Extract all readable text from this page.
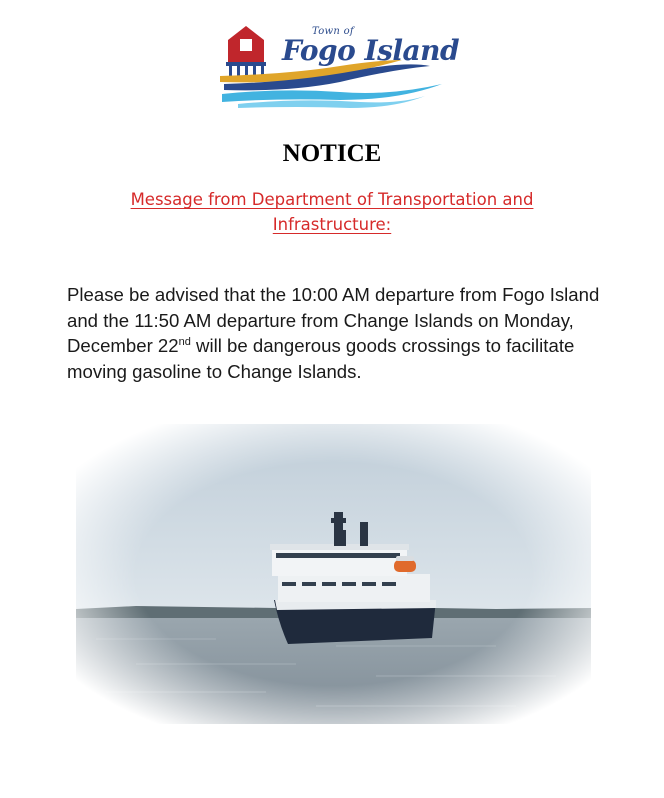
Town of
Fogo Island
NOTICE
Message from Department of Transportation and Infrastructure:
Please be advised that the 10:00 AM departure from Fogo Island and the 11:50 AM departure from Change Islands on Monday, December 22nd will be dangerous goods crossings to facilitate moving gasoline to Change Islands.
